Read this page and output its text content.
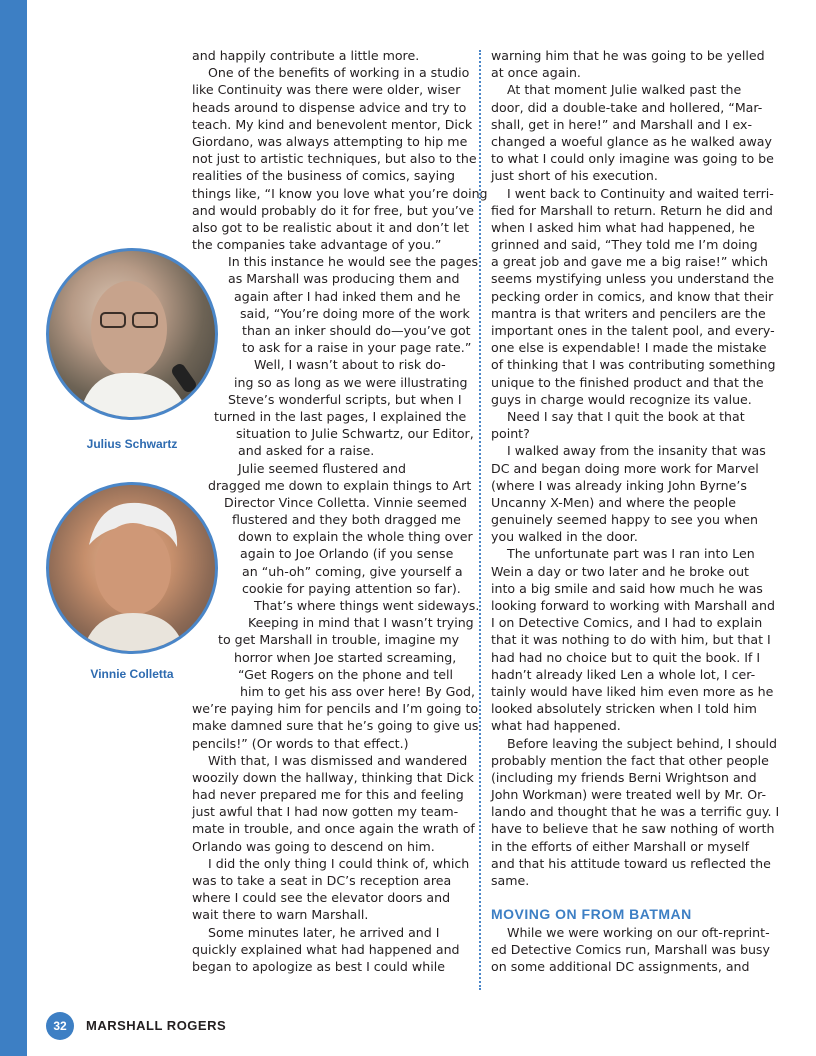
and happily contribute a little more.
One of the benefits of working in a studio
like Continuity was there were older, wiser
heads around to dispense advice and try to
teach. My kind and benevolent mentor, Dick
Giordano, was always attempting to hip me
not just to artistic techniques, but also to the
realities of the business of comics, saying
things like, “I know you love what you’re doing
and would probably do it for free, but you’ve
also got to be realistic about it and don’t let
the companies take advantage of you.”
In this instance he would see the pages
as Marshall was producing them and
again after I had inked them and he
said, “You’re doing more of the work
than an inker should do—you’ve got
to ask for a raise in your page rate.”
Well, I wasn’t about to risk do-
ing so as long as we were illustrating
Steve’s wonderful scripts, but when I
turned in the last pages, I explained the
situation to Julie Schwartz, our Editor,
and asked for a raise.
Julie seemed flustered and
dragged me down to explain things to Art
Director Vince Colletta. Vinnie seemed
flustered and they both dragged me
down to explain the whole thing over
again to Joe Orlando (if you sense
an “uh-oh” coming, give yourself a
cookie for paying attention so far).
That’s where things went sideways.
Keeping in mind that I wasn’t trying
to get Marshall in trouble, imagine my
horror when Joe started screaming,
“Get Rogers on the phone and tell
him to get his ass over here! By God,
we’re paying him for pencils and I’m going to
make damned sure that he’s going to give us
pencils!” (Or words to that effect.)
With that, I was dismissed and wandered
woozily down the hallway, thinking that Dick
had never prepared me for this and feeling
just awful that I had now gotten my team-
mate in trouble, and once again the wrath of
Orlando was going to descend on him.
I did the only thing I could think of, which
was to take a seat in DC’s reception area
where I could see the elevator doors and
wait there to warn Marshall.
Some minutes later, he arrived and I
quickly explained what had happened and
began to apologize as best I could while
warning him that he was going to be yelled
at once again.
At that moment Julie walked past the
door, did a double-take and hollered, “Mar-
shall, get in here!” and Marshall and I ex-
changed a woeful glance as he walked away
to what I could only imagine was going to be
just short of his execution.
I went back to Continuity and waited terri-
fied for Marshall to return. Return he did and
when I asked him what had happened, he
grinned and said, “They told me I’m doing
a great job and gave me a big raise!” which
seems mystifying unless you understand the
pecking order in comics, and know that their
mantra is that writers and pencilers are the
important ones in the talent pool, and every-
one else is expendable! I made the mistake
of thinking that I was contributing something
unique to the finished product and that the
guys in charge would recognize its value.
Need I say that I quit the book at that
point?
I walked away from the insanity that was
DC and began doing more work for Marvel
(where I was already inking John Byrne’s
Uncanny X-Men) and where the people
genuinely seemed happy to see you when
you walked in the door.
The unfortunate part was I ran into Len
Wein a day or two later and he broke out
into a big smile and said how much he was
looking forward to working with Marshall and
I on Detective Comics, and I had to explain
that it was nothing to do with him, but that I
had had no choice but to quit the book. If I
hadn’t already liked Len a whole lot, I cer-
tainly would have liked him even more as he
looked absolutely stricken when I told him
what had happened.
Before leaving the subject behind, I should
probably mention the fact that other people
(including my friends Berni Wrightson and
John Workman) were treated well by Mr. Or-
lando and thought that he was a terrific guy. I
have to believe that he saw nothing of worth
in the efforts of either Marshall or myself
and that his attitude toward us reflected the
same.
MOVING ON FROM BATMAN
While we were working on our oft-reprint-
ed Detective Comics run, Marshall was busy
on some additional DC assignments, and
Julius Schwartz
Vinnie Colletta
32 MARSHALL ROGERS
